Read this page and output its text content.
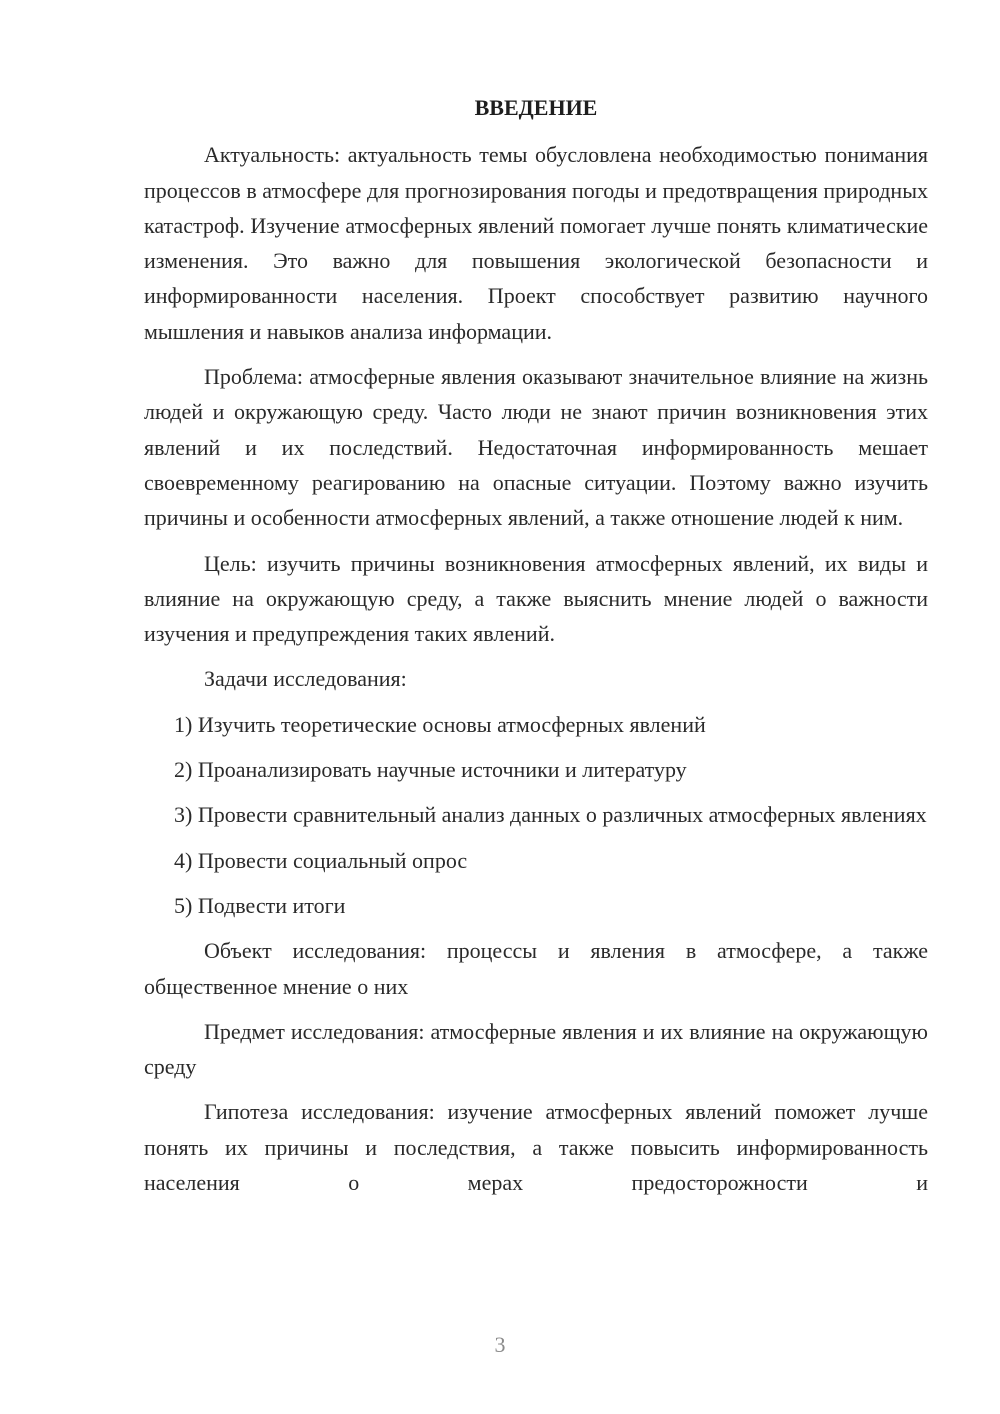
ВВЕДЕНИЕ

Актуальность: актуальность темы обусловлена необходимостью понимания процессов в атмосфере для прогнозирования погоды и предотвращения природных катастроф. Изучение атмосферных явлений помогает лучше понять климатические изменения. Это важно для повышения экологической безопасности и информированности населения. Проект способствует развитию научного мышления и навыков анализа информации.

Проблема: атмосферные явления оказывают значительное влияние на жизнь людей и окружающую среду. Часто люди не знают причин возникновения этих явлений и их последствий. Недостаточная информированность мешает своевременному реагированию на опасные ситуации. Поэтому важно изучить причины и особенности атмосферных явлений, а также отношение людей к ним.

Цель: изучить причины возникновения атмосферных явлений, их виды и влияние на окружающую среду, а также выяснить мнение людей о важности изучения и предупреждения таких явлений.

Задачи исследования:

1) Изучить теоретические основы атмосферных явлений

2) Проанализировать научные источники и литературу

3) Провести сравнительный анализ данных о различных атмосферных явлениях

4) Провести социальный опрос

5) Подвести итоги

Объект исследования: процессы и явления в атмосфере, а также общественное мнение о них

Предмет исследования: атмосферные явления и их влияние на окружающую среду

Гипотеза исследования: изучение атмосферных явлений поможет лучше понять их причины и последствия, а также повысить информированность населения о мерах предосторожности и

3
